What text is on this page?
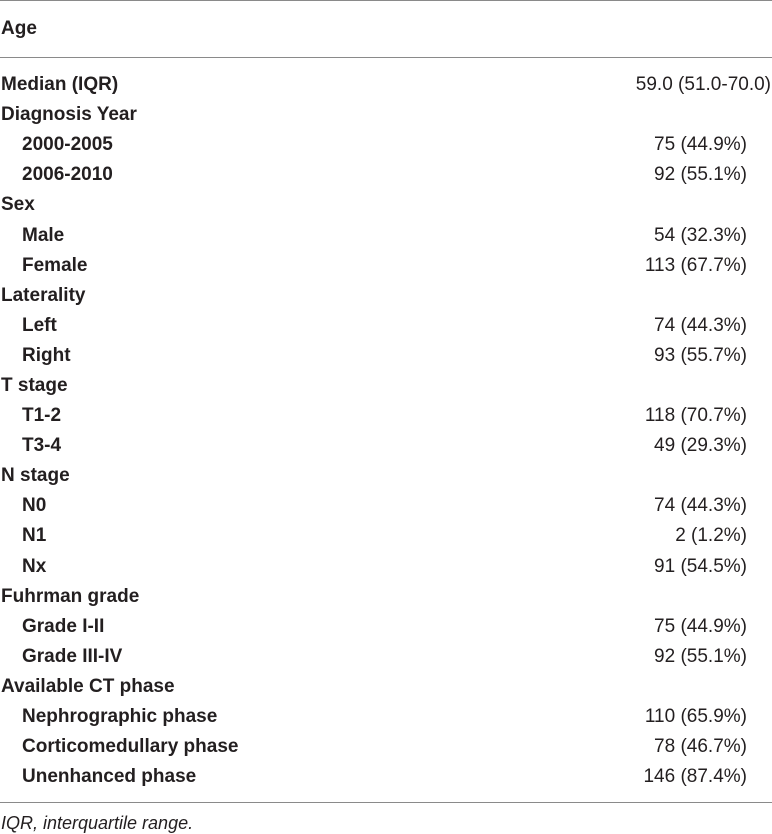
Age
Median (IQR)	59.0 (51.0-70.0)
Diagnosis Year
2000-2005	75 (44.9%)
2006-2010	92 (55.1%)
Sex
Male	54 (32.3%)
Female	113 (67.7%)
Laterality
Left	74 (44.3%)
Right	93 (55.7%)
T stage
T1-2	118 (70.7%)
T3-4	49 (29.3%)
N stage
N0	74 (44.3%)
N1	2 (1.2%)
Nx	91 (54.5%)
Fuhrman grade
Grade I-II	75 (44.9%)
Grade III-IV	92 (55.1%)
Available CT phase
Nephrographic phase	110 (65.9%)
Corticomedullary phase	78 (46.7%)
Unenhanced phase	146 (87.4%)
IQR, interquartile range.
